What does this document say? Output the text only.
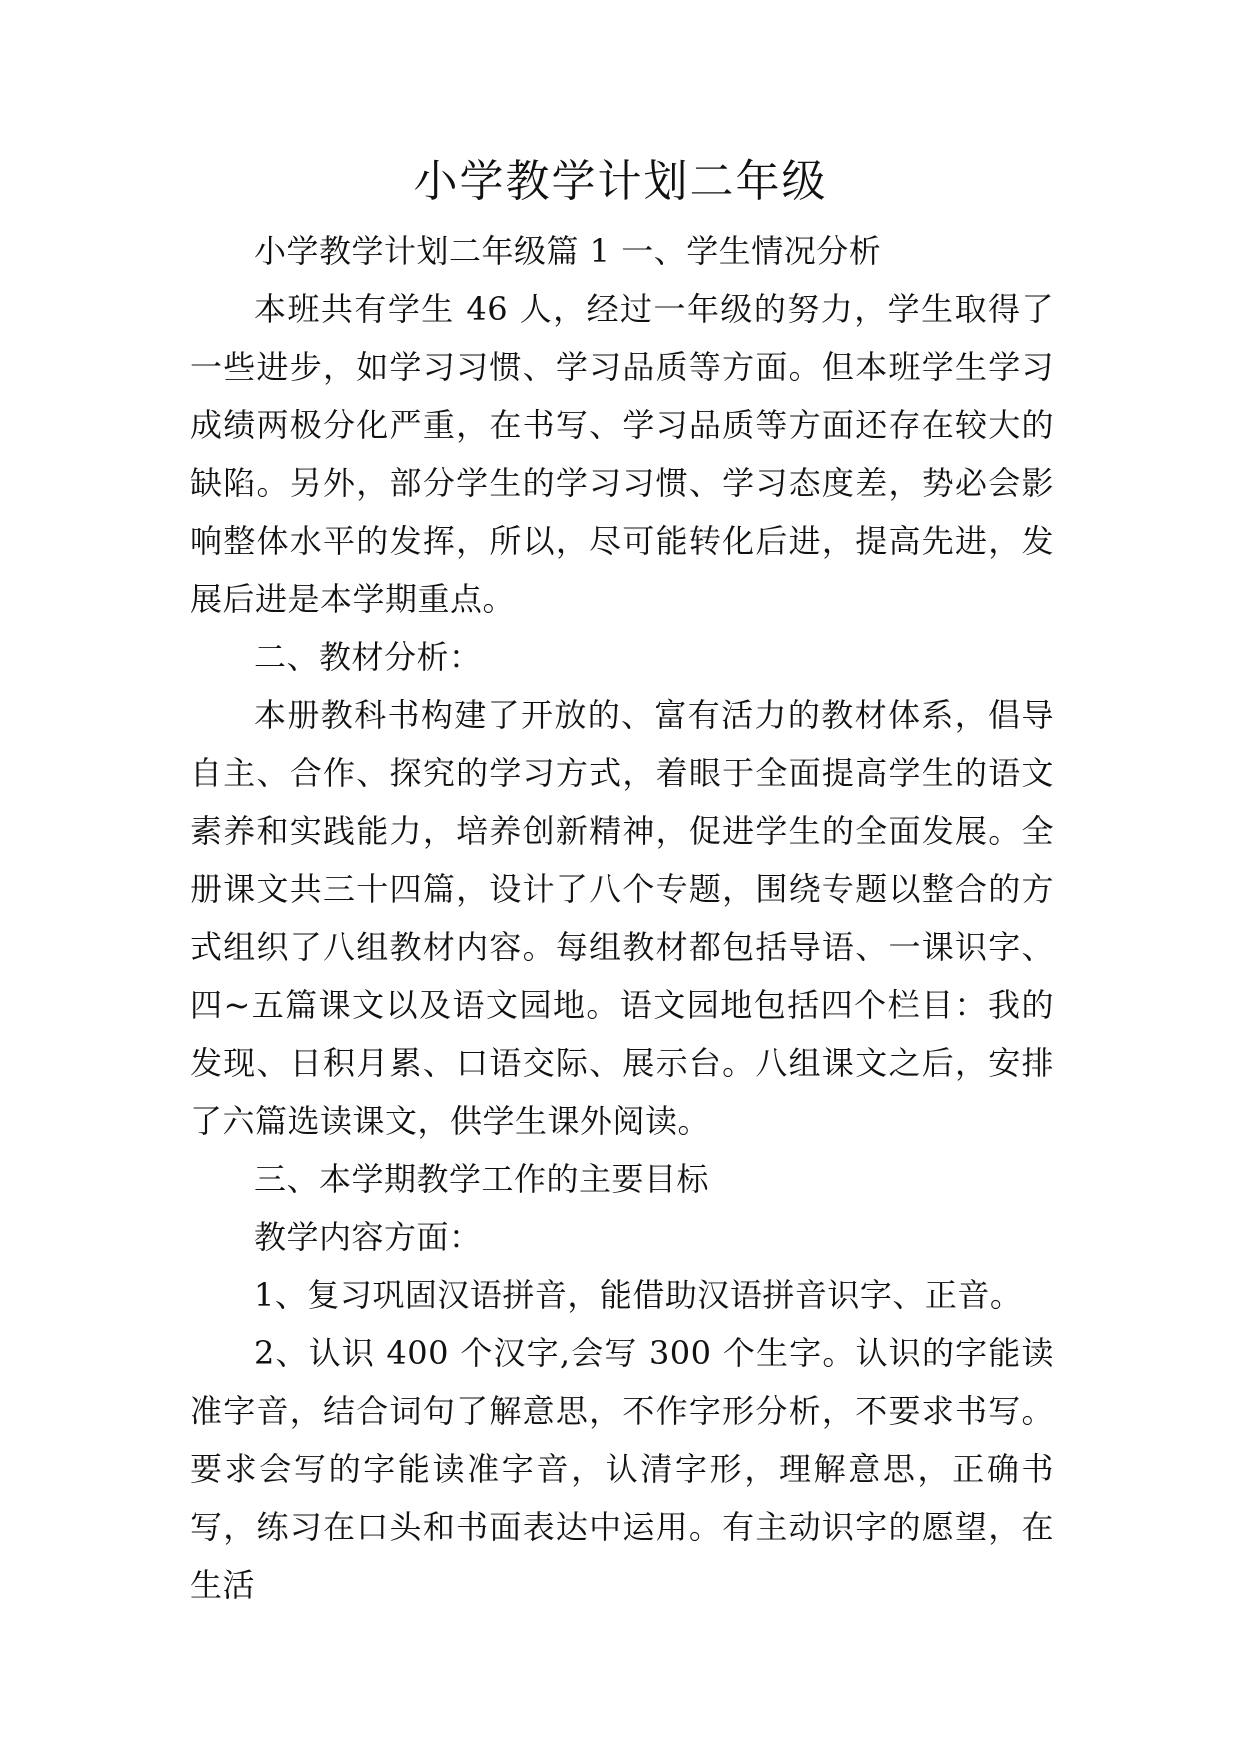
小学教学计划二年级

小学教学计划二年级篇 1 一、学生情况分析

本班共有学生 46 人，经过一年级的努力，学生取得了一些进步，如学习习惯、学习品质等方面。但本班学生学习成绩两极分化严重，在书写、学习品质等方面还存在较大的缺陷。另外，部分学生的学习习惯、学习态度差，势必会影响整体水平的发挥，所以，尽可能转化后进，提高先进，发展后进是本学期重点。

二、教材分析：

本册教科书构建了开放的、富有活力的教材体系，倡导自主、合作、探究的学习方式，着眼于全面提高学生的语文素养和实践能力，培养创新精神，促进学生的全面发展。全册课文共三十四篇，设计了八个专题，围绕专题以整合的方式组织了八组教材内容。每组教材都包括导语、一课识字、四~五篇课文以及语文园地。语文园地包括四个栏目：我的发现、日积月累、口语交际、展示台。八组课文之后，安排了六篇选读课文，供学生课外阅读。

三、本学期教学工作的主要目标

教学内容方面：

1、复习巩固汉语拼音，能借助汉语拼音识字、正音。

2、认识 400 个汉字,会写 300 个生字。认识的字能读准字音，结合词句了解意思，不作字形分析，不要求书写。要求会写的字能读准字音，认清字形，理解意思，正确书写，练习在口头和书面表达中运用。有主动识字的愿望，在生活
